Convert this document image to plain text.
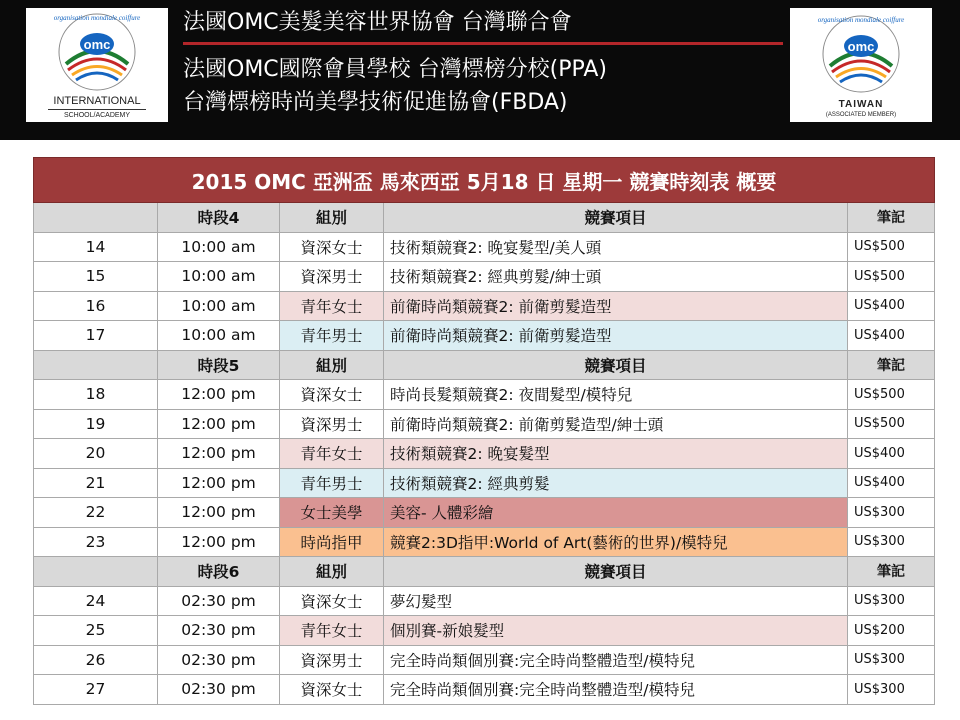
omc
organisation mondiale coiffure
INTERNATIONAL
SCHOOL/ACADEMY
法國OMC美髮美容世界協會 台灣聯合會
法國OMC國際會員學校 台灣標榜分校(PPA)
台灣標榜時尚美學技術促進協會(FBDA)
omc
organisation mondiale coiffure
TAIWAN
(ASSOCIATED MEMBER)
2015 OMC 亞洲盃 馬來西亞 5月18 日 星期一 競賽時刻表 概要				
	時段4	組別	競賽項目	筆記
14	10:00 am	資深女士	技術類競賽2: 晚宴髮型/美人頭	US$500
15	10:00 am	資深男士	技術類競賽2: 經典剪髮/紳士頭	US$500
16	10:00 am	青年女士	前衛時尚類競賽2: 前衛剪髮造型	US$400
17	10:00 am	青年男士	前衛時尚類競賽2: 前衛剪髮造型	US$400
	時段5	組別	競賽項目	筆記
18	12:00 pm	資深女士	時尚長髮類競賽2: 夜間髮型/模特兒	US$500
19	12:00 pm	資深男士	前衛時尚類競賽2: 前衛剪髮造型/紳士頭	US$500
20	12:00 pm	青年女士	技術類競賽2: 晚宴髮型	US$400
21	12:00 pm	青年男士	技術類競賽2: 經典剪髮	US$400
22	12:00 pm	女士美學	美容- 人體彩繪	US$300
23	12:00 pm	時尚指甲	競賽2:3D指甲:World of Art(藝術的世界)/模特兒	US$300
	時段6	組別	競賽項目	筆記
24	02:30 pm	資深女士	夢幻髮型	US$300
25	02:30 pm	青年女士	個別賽-新娘髮型	US$200
26	02:30 pm	資深男士	完全時尚類個別賽:完全時尚整體造型/模特兒	US$300
27	02:30 pm	資深女士	完全時尚類個別賽:完全時尚整體造型/模特兒	US$300
